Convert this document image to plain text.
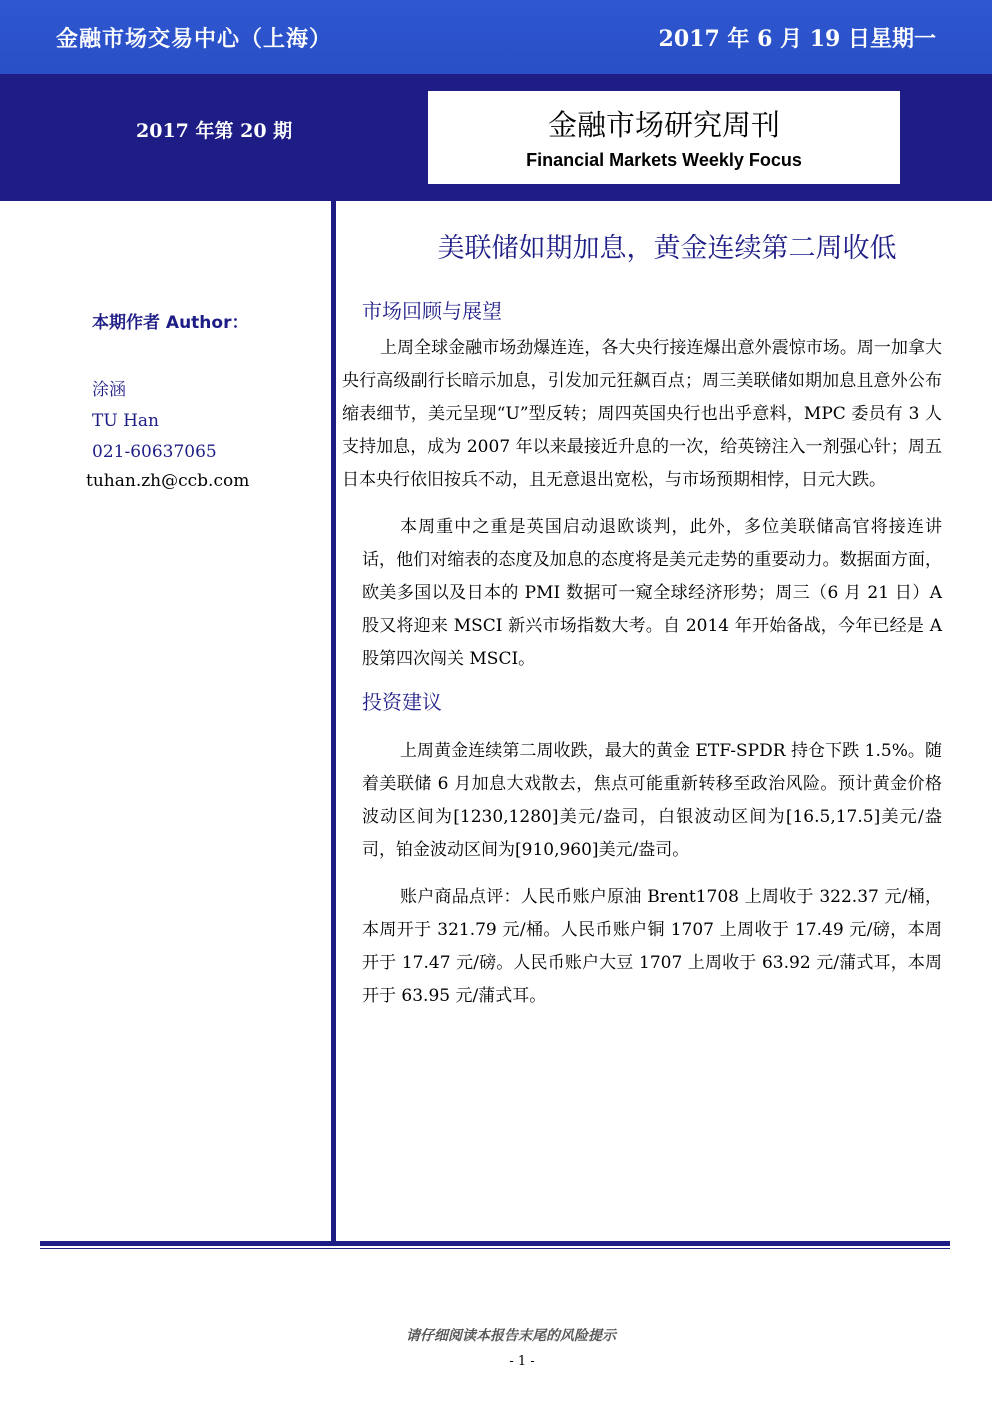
金融市场交易中心（上海）	2017 年 6 月 19 日星期一
2017 年第 20 期	金融市场研究周刊
Financial Markets Weekly Focus
本期作者 Author：
涂涵
TU Han
021-60637065
tuhan.zh@ccb.com
美联储如期加息，黄金连续第二周收低
市场回顾与展望

上周全球金融市场劲爆连连，各大央行接连爆出意外震惊市场。周一加拿大央行高级副行长暗示加息，引发加元狂飙百点；周三美联储如期加息且意外公布缩表细节，美元呈现“U”型反转；周四英国央行也出乎意料，MPC 委员有 3 人支持加息，成为 2007 年以来最接近升息的一次，给英镑注入一剂强心针；周五日本央行依旧按兵不动，且无意退出宽松，与市场预期相悖，日元大跌。

本周重中之重是英国启动退欧谈判，此外，多位美联储高官将接连讲话，他们对缩表的态度及加息的态度将是美元走势的重要动力。数据面方面，欧美多国以及日本的 PMI 数据可一窥全球经济形势；周三（6 月 21 日）A 股又将迎来 MSCI 新兴市场指数大考。自 2014 年开始备战，今年已经是 A 股第四次闯关 MSCI。

投资建议

上周黄金连续第二周收跌，最大的黄金 ETF-SPDR 持仓下跌 1.5%。随着美联储 6 月加息大戏散去，焦点可能重新转移至政治风险。预计黄金价格波动区间为[1230,1280]美元/盎司，白银波动区间为[16.5,17.5]美元/盎司，铂金波动区间为[910,960]美元/盎司。

账户商品点评：人民币账户原油 Brent1708 上周收于 322.37 元/桶，本周开于 321.79 元/桶。人民币账户铜 1707 上周收于 17.49 元/磅，本周开于 17.47 元/磅。人民币账户大豆 1707 上周收于 63.92 元/蒲式耳，本周开于 63.95 元/蒲式耳。

请仔细阅读本报告末尾的风险提示
- 1 -
